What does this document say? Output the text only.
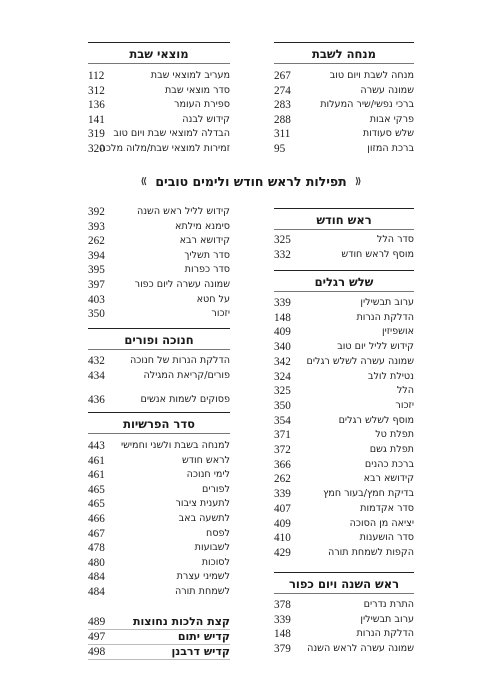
מנחה לשבת
מוצאי שבת
מנחה לשבת ויום טוב
267
שמונה עשרה
274
ברכי נפשי/שיר המעלות
283
פרקי אבות
288
שלש סעודות
311
ברכת המזון
95
מעריב למוצאי שבת
112
סדר מוצאי שבת
312
ספירת העומר
136
קידוש לבנה
141
הבדלה למוצאי שבת ויום טוב
319
זמירות למוצאי שבת/מלוה מלכה
320
⟪ תפילות לראש חודש ולימים טובים ⟫
ראש חודש
סדר הלל
325
מוסף לראש חודש
332
שלש רגלים
ערוב תבשילין
339
הדלקת הנרות
148
אושפיזין
409
קידוש לליל יום טוב
340
שמונה עשרה לשלש רגלים
342
נטילת לולב
324
הלל
325
יזכור
350
מוסף לשלש רגלים
354
תפלת טל
371
תפלת גשם
372
ברכת כהנים
366
קידושא רבא
262
בדיקת חמץ/בעור חמץ
339
סדר אקדמות
407
יציאה מן הסוכה
409
סדר הושענות
410
הקפות לשמחת תורה
429
ראש השנה ויום כפור
התרת נדרים
378
ערוב תבשילין
339
הדלקת הנרות
148
שמונה עשרה לראש השנה
379
קידוש לליל ראש השנה
392
סימנא מילתא
393
קידושא רבא
262
סדר תשליך
394
סדר כפרות
395
שמונה עשרה ליום כפור
397
על חטא
403
יזכור
350
חנוכה ופורים
הדלקת הנרות של חנוכה
432
פורים/קריאת המגילה
434
פסוקים לשמות אנשים
436
סדר הפרשיות
למנחה בשבת ולשני וחמישי
443
לראש חודש
461
לימי חנוכה
461
לפורים
465
לתענית ציבור
465
לתשעה באב
466
לפסח
467
לשבועות
478
לסוכות
480
לשמיני עצרת
484
לשמחת תורה
484
קצת הלכות נחוצות
489
קדיש יתום
497
קדיש דרבנן
498
